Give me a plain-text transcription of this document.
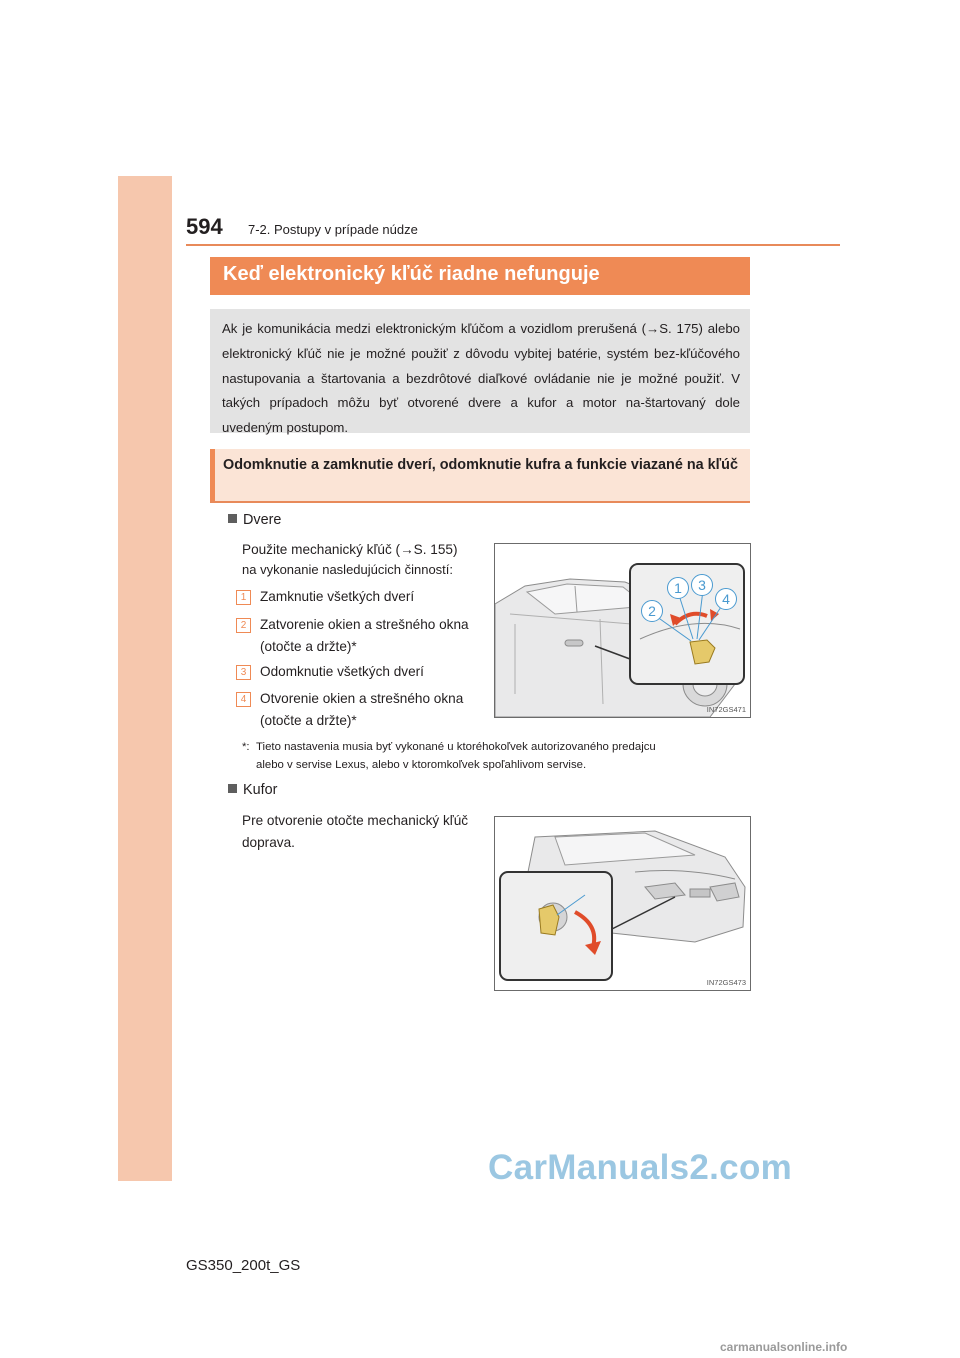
594 7-2. Postupy v prípade núdze
Keď elektronický kľúč riadne nefunguje

Ak je komunikácia medzi elektronickým kľúčom a vozidlom prerušená (→S. 175) alebo elektronický kľúč nie je možné použiť z dôvodu vybitej batérie, systém bez-kľúčového nastupovania a štartovania a bezdrôtové diaľkové ovládanie nie je možné použiť. V takých prípadoch môžu byť otvorené dvere a kufor a motor na-štartovaný dole uvedeným postupom.

Odomknutie a zamknutie dverí, odomknutie kufra a funkcie viazané na kľúč
Dvere
Použite mechanický kľúč (→S. 155)
na vykonanie nasledujúcich činností:
1	Zamknutie všetkých dverí
2	Zatvorenie okien a strešného okna (otočte a držte)*
3	Odomknutie všetkých dverí
4	Otvorenie okien a strešného okna (otočte a držte)*
1	3
2
4
IN72GS471
*: Tieto nastavenia musia byť vykonané u ktoréhokoľvek autorizovaného predajcu
alebo v servise Lexus, alebo v ktoromkoľvek spoľahlivom servise.
Kufor
Pre otvorenie otočte mechanický kľúč
doprava.
IN72GS473
CarManuals2.com
GS350_200t_GS
carmanualsonline.info
